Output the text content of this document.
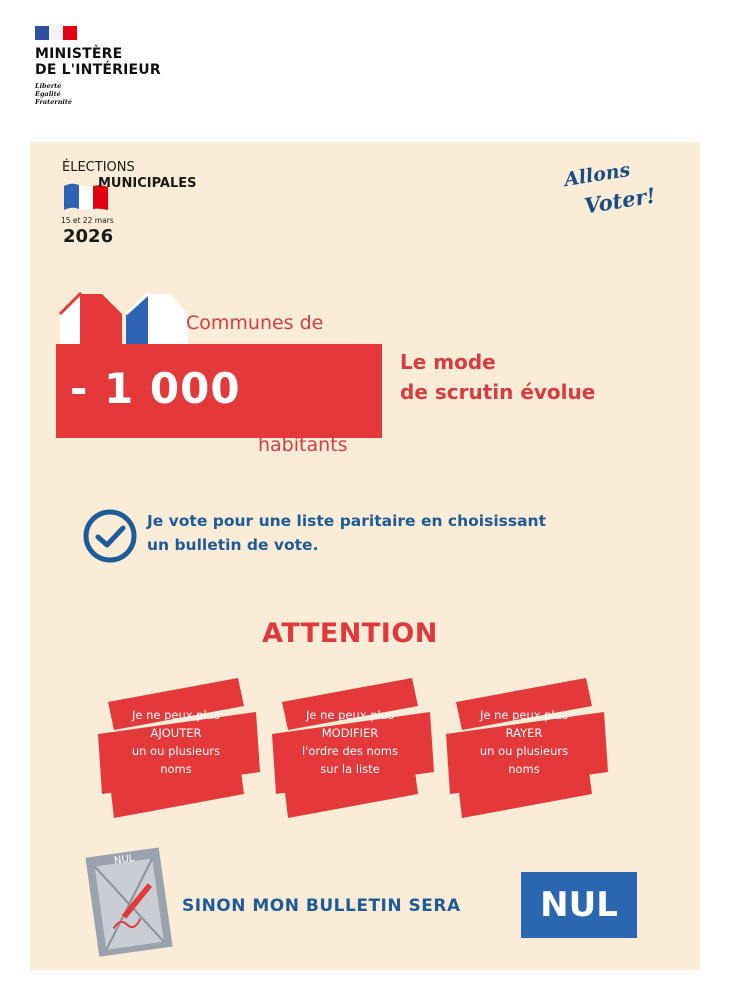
MINISTÈRE
DE L'INTÉRIEUR
Liberté
Égalité
Fraternité
ÉLECTIONS
MUNICIPALES
15 et 22 mars
2026
Allons
Voter!
Communes de
- 1 000
habitants
Le mode
de scrutin évolue
Je vote pour une liste paritaire en choisissant
un bulletin de vote.
ATTENTION
Je ne peux plus
AJOUTER
un ou plusieurs
noms
Je ne peux plus
MODIFIER
l'ordre des noms
sur la liste
Je ne peux plus
RAYER
un ou plusieurs
noms
NUL
SINON MON BULLETIN SERA	NUL
